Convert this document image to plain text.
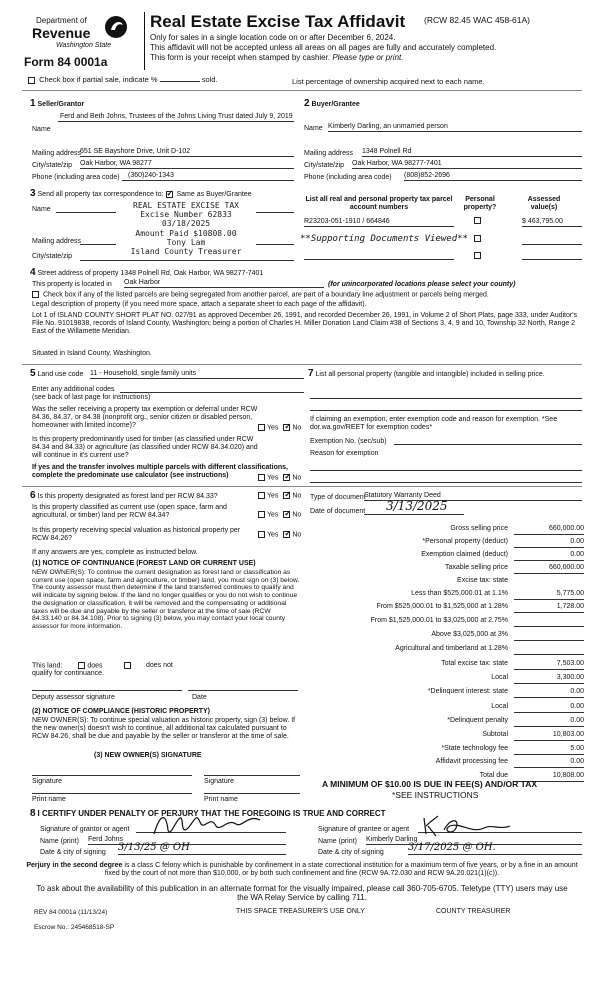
Department of
Revenue
Washington State
Form 84 0001a
Real Estate Excise Tax Affidavit (RCW 82.45 WAC 458-61A)
Only for sales in a single location code on or after December 6, 2024.
This affidavit will not be accepted unless all areas on all pages are fully and accurately completed.
This form is your receipt when stamped by cashier. Please type or print.
Check box if partial sale, indicate %	sold.	List percentage of ownership acquired next to each name.
1 Seller/Grantor
Name
Ferd and Beth Johns, Trustees of the Johns Living Trust dated July 9, 2019
Mailing address
651 SE Bayshore Drive, Unit D-102
City/state/zip Oak Harbor, WA 98277
Phone (including area code)	(360)240-1343
2 Buyer/Grantee
Name Kimberly Darling, an unmarried person
Mailing address 1348 Polnell Rd
City/state/zip Oak Harbor, WA 98277-7401
Phone (including area code) (808)852-2696
3 Send all property tax correspondence to: ✓ Same as Buyer/Grantee
Name
Mailing address
City/state/zip
REAL ESTATE EXCISE TAX
Excise Number 62833
03/18/2025
Amount Paid $10808.00
Tony Lam
Island County Treasurer
List all real and personal property tax parcel account numbers
Personal property?
Assessed value(s)
R23203-051-1910 / 664846	$ 463,795.00
**Supporting Documents Viewed**
4 Street address of property 1348 Polnell Rd, Oak Harbor, WA 98277-7401
This property is located in Oak Harbor	(for unincorporated locations please select your county)
Check box if any of the listed parcels are being segregated from another parcel, are part of a boundary line adjustment or parcels being merged.
Legal description of property (if you need more space, attach a separate sheet to each page of the affidavit).
Lot 1 of ISLAND COUNTY SHORT PLAT NO. 027/91 as approved December 26, 1991, and recorded December 26, 1991, in Volume 2 of Short Plats, page 333, under Auditor's File No. 91019838, records of Island County, Washington; being a portion of Charles H. Miller Donation Land Claim #38 of Sections 3, 4, 9 and 10, Township 32 North, Range 2 East of the Willamette Meridian.
Situated in Island County, Washington.
5 Land use code 11 - Household, single family units
Enter any additional codes
(see back of last page for instructions)
Was the seller receiving a property tax exemption or deferral under RCW 84.36, 84.37, or 84.38 (nonprofit org., senior citizen or disabled person, homeowner with limited income)?	Yes ✓ No
Is this property predominantly used for timber (as classified under RCW 84.34 and 84.33) or agriculture (as classified under RCW 84.34.020) and will continue in it's current use?
If yes and the transfer involves multiple parcels with different classifications, complete the predominate use calculator (see instructions)	Yes ✓ No
7 List all personal property (tangible and intangible) included in selling price.
If claiming an exemption, enter exemption code and reason for exemption. *See dor.wa.gov/REET for exemption codes*
Exemption No. (sec/sub)
Reason for exemption
6 Is this property designated as forest land per RCW 84.33?	Yes ✓ No
Is this property classified as current use (open space, farm and agricultural, or timber) land per RCW 84.34?	Yes ✓ No
Is this property receiving special valuation as historical property per RCW 84.26?
Yes ✓ No
If any answers are yes, complete as instructed below.
(1) NOTICE OF CONTINUANCE (FOREST LAND OR CURRENT USE)
NEW OWNER(S): To continue the current designation as forest land or classification as current use (open space, farm and agriculture, or timber) land, you must sign on (3) below. The county assessor must then determine if the land transferred continues to qualify and will indicate by signing below. If the land no longer qualifies or you do not wish to continue the designation or classification, it will be removed and the compensating or additional taxes will be due and payable by the seller or transferor at the time of sale (RCW 84.33.140 or 84.34.108). Prior to signing (3) below, you may contact your local county assessor for more information.
This land:	does	does not qualify for continuance.
Deputy assessor signature	Date
(2) NOTICE OF COMPLIANCE (HISTORIC PROPERTY)
NEW OWNER(S): To continue special valuation as historic property, sign (3) below. If the new owner(s) doesn't wish to continue, all additional tax calculated pursuant to RCW 84.26, shall be due and payable by the seller or transferor at the time of sale.
(3) NEW OWNER(S) SIGNATURE
Signature	Signature
Print name	Print name
Type of document
Statutory Warranty Deed
Date of document	3/13/2025
Gross selling price	660,000.00
*Personal property (deduct)	0.00
Exemption claimed (deduct)	0.00
Taxable selling price	660,000.00
Excise tax: state
Less than $525,000.01 at 1.1%	5,775.00
From $525,000.01 to $1,525,000 at 1.28%	1,728.00
From $1,525,000.01 to $3,025,000 at 2.75%
Above $3,025,000 at 3%
Agricultural and timberland at 1.28%
Total excise tax: state	7,503.00
Local	3,300.00
*Delinquent interest: state	0.00
Local	0.00
*Delinquent penalty	0.00
Subtotal	10,803.00
*State technology fee	5.00
Affidavit processing fee	0.00
Total due	10,808.00
A MINIMUM OF $10.00 IS DUE IN FEE(S) AND/OR TAX
*SEE INSTRUCTIONS
8 I CERTIFY UNDER PENALTY OF PERJURY THAT THE FOREGOING IS TRUE AND CORRECT
Signature of grantor or agent
Name (print) Ferd Johns
Date & city of signing 3/13/25 @ OH
Signature of grantee or agent
Name (print) Kimberly Darling
Date & city of signing 3/17/2025 @ OH.
Perjury in the second degree is a class C felony which is punishable by confinement in a state correctional institution for a maximum term of five years, or by a fine in an amount fixed by the court of not more than $10,000, or by both such confinement and fine (RCW 9A.72.030 and RCW 9A.20.021(1)(c)).
To ask about the availability of this publication in an alternate format for the visually impaired, please call 360-705-6705. Teletype (TTY) users may use the WA Relay Service by calling 711.
REV 84 0001a (11/13/24)	THIS SPACE TREASURER'S USE ONLY	COUNTY TREASURER
Escrow No.: 245468518-SP
